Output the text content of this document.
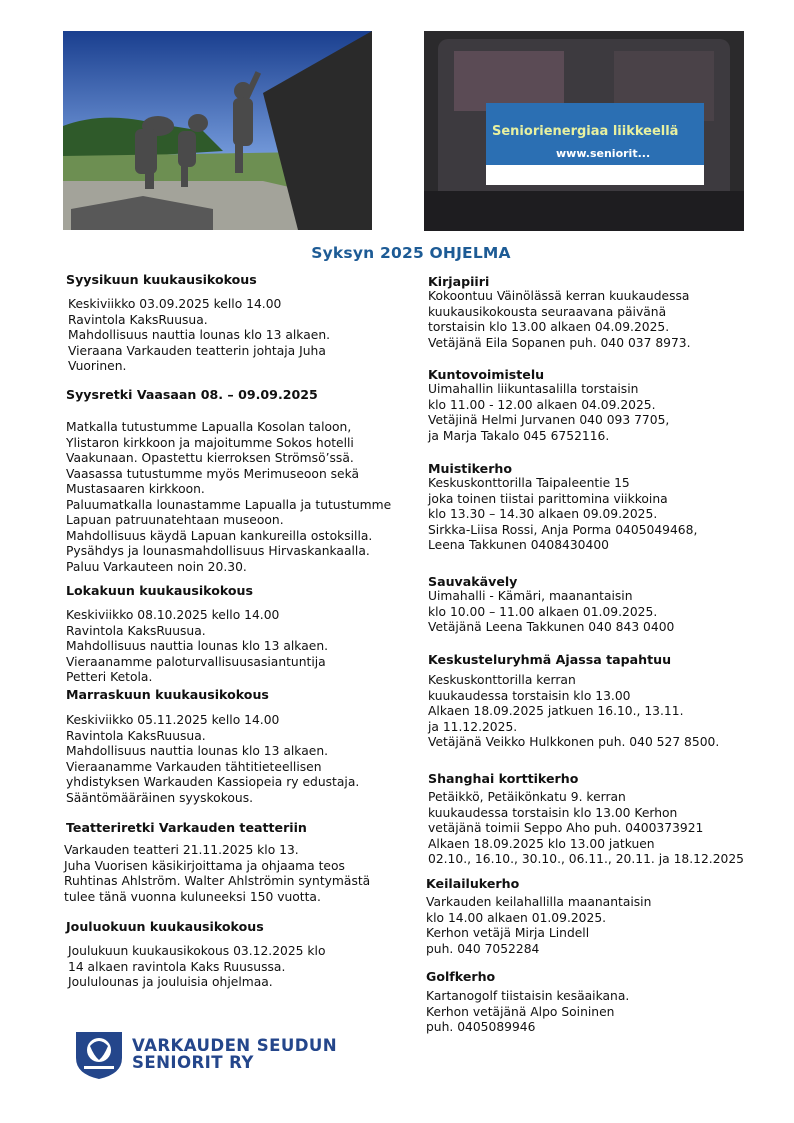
Seniorienergiaa liikkeellä
www.seniorit...
Syksyn 2025 OHJELMA
Syysikuun kuukausikokous
Keskiviikko 03.09.2025 kello 14.00
Ravintola KaksRuusua.
Mahdollisuus nauttia lounas klo 13 alkaen.
Vieraana Varkauden teatterin johtaja Juha
Vuorinen.
Syysretki Vaasaan 08. – 09.09.2025
Matkalla tutustumme Lapualla Kosolan taloon,
Ylistaron kirkkoon ja majoitumme Sokos hotelli
Vaakunaan. Opastettu kierroksen Strömsö’ssä.
Vaasassa tutustumme myös Merimuseoon sekä
Mustasaaren kirkkoon.
Paluumatkalla lounastamme Lapualla ja tutustumme
Lapuan patruunatehtaan museoon.
Mahdollisuus käydä Lapuan kankureilla ostoksilla.
Pysähdys ja lounasmahdollisuus Hirvaskankaalla.
Paluu Varkauteen noin 20.30.
Lokakuun kuukausikokous
Keskiviikko 08.10.2025 kello 14.00
Ravintola KaksRuusua.
Mahdollisuus nauttia lounas klo 13 alkaen.
Vieraanamme paloturvallisuusasiantuntija
Petteri Ketola.
Marraskuun kuukausikokous
Keskiviikko 05.11.2025 kello 14.00
Ravintola KaksRuusua.
Mahdollisuus nauttia lounas klo 13 alkaen.
Vieraanamme Varkauden tähtitieteellisen
yhdistyksen Warkauden Kassiopeia ry edustaja.
Sääntömääräinen syyskokous.
Teatteriretki Varkauden teatteriin
Varkauden teatteri 21.11.2025 klo 13.
Juha Vuorisen käsikirjoittama ja ohjaama teos
Ruhtinas Ahlström. Walter Ahlströmin syntymästä
tulee tänä vuonna kuluneeksi 150 vuotta.
Jouluokuun kuukausikokous
Joulukuun kuukausikokous 03.12.2025 klo
14 alkaen ravintola Kaks Ruusussa.
Joululounas ja jouluisia ohjelmaa.
Kirjapiiri
Kokoontuu Väinölässä kerran kuukaudessa
kuukausikokousta seuraavana päivänä
torstaisin klo 13.00 alkaen 04.09.2025.
Vetäjänä Eila Sopanen puh. 040 037 8973.
Kuntovoimistelu
Uimahallin liikuntasalilla torstaisin
klo 11.00 - 12.00 alkaen 04.09.2025.
Vetäjinä Helmi Jurvanen 040 093 7705,
ja Marja Takalo 045 6752116.
Muistikerho
Keskuskonttorilla Taipaleentie 15
joka toinen tiistai parittomina viikkoina
klo 13.30 – 14.30 alkaen 09.09.2025.
Sirkka-Liisa Rossi, Anja Porma 0405049468,
Leena Takkunen 0408430400
Sauvakävely
Uimahalli - Kämäri, maanantaisin
klo 10.00 – 11.00 alkaen 01.09.2025.
Vetäjänä Leena Takkunen 040 843 0400
Keskusteluryhmä Ajassa tapahtuu
Keskuskonttorilla kerran
kuukaudessa torstaisin klo 13.00
Alkaen 18.09.2025 jatkuen 16.10., 13.11.
ja 11.12.2025.
Vetäjänä Veikko Hulkkonen puh. 040 527 8500.
Shanghai korttikerho
Petäikkö, Petäikönkatu 9. kerran
kuukaudessa torstaisin klo 13.00 Kerhon
vetäjänä toimii Seppo Aho puh. 0400373921
Alkaen 18.09.2025 klo 13.00 jatkuen
02.10., 16.10., 30.10., 06.11., 20.11. ja 18.12.2025
Keilailukerho
Varkauden keilahallilla maanantaisin
klo 14.00 alkaen 01.09.2025.
Kerhon vetäjä Mirja Lindell
puh. 040 7052284
Golfkerho
Kartanogolf tiistaisin kesäaikana.
Kerhon vetäjänä Alpo Soininen
puh. 0405089946
VARKAUDEN SEUDUN
SENIORIT RY
